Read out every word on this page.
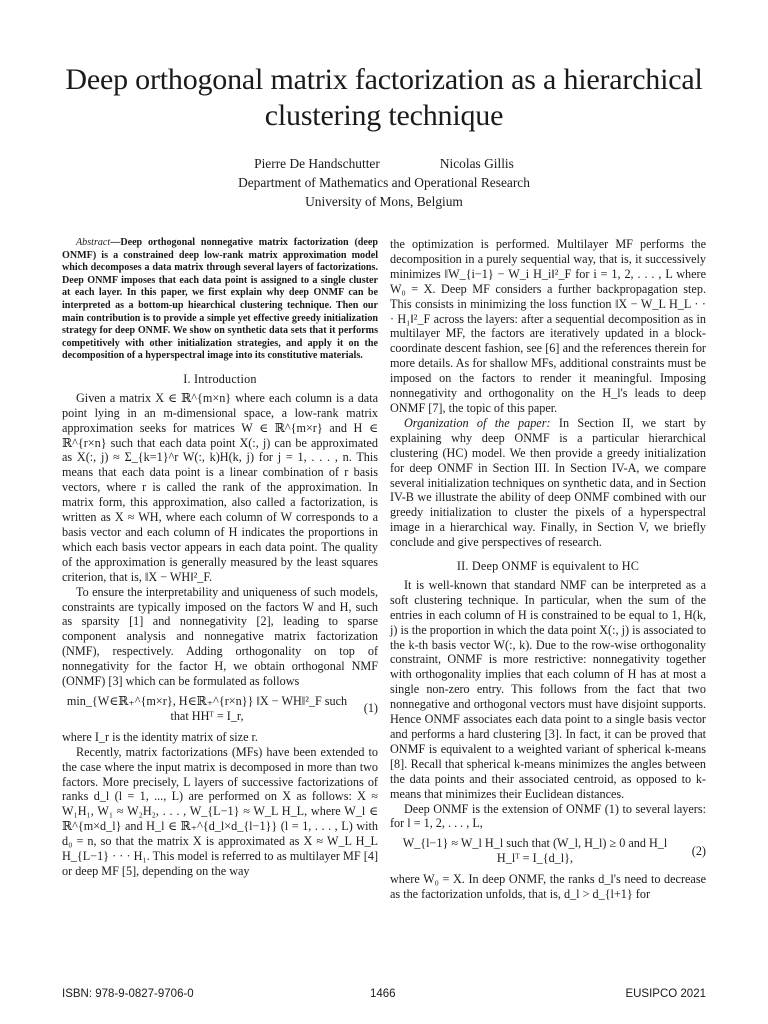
Deep orthogonal matrix factorization as a hierarchical clustering technique
Pierre De Handschutter	Nicolas Gillis
Department of Mathematics and Operational Research
University of Mons, Belgium

Abstract—Deep orthogonal nonnegative matrix factorization (deep ONMF) is a constrained deep low-rank matrix approximation model which decomposes a data matrix through several layers of factorizations. Deep ONMF imposes that each data point is assigned to a single cluster at each layer. In this paper, we first explain why deep ONMF can be interpreted as a bottom-up hiearchical clustering technique. Then our main contribution is to provide a simple yet effective greedy initialization strategy for deep ONMF. We show on synthetic data sets that it performs competitively with other initialization strategies, and apply it on the decomposition of a hyperspectral image into its constitutive materials.

I. Introduction

Given a matrix X ∈ ℝ^{m×n} where each column is a data point lying in an m-dimensional space, a low-rank matrix approximation seeks for matrices W ∈ ℝ^{m×r} and H ∈ ℝ^{r×n} such that each data point X(:, j) can be approximated as X(:, j) ≈ Σ_{k=1}^r W(:, k)H(k, j) for j = 1, . . . , n. This means that each data point is a linear combination of r basis vectors, where r is called the rank of the approximation. In matrix form, this approximation, also called a factorization, is written as X ≈ WH, where each column of W corresponds to a basis vector and each column of H indicates the proportions in which each basis vector appears in each data point. The quality of the approximation is generally measured by the least squares criterion, that is, ‖X − WH‖²_F.

To ensure the interpretability and uniqueness of such models, constraints are typically imposed on the factors W and H, such as sparsity [1] and nonnegativity [2], leading to sparse component analysis and nonnegative matrix factorization (NMF), respectively. Adding orthogonality on top of nonnegativity for the factor H, we obtain orthogonal NMF (ONMF) [3] which can be formulated as follows

min_{W∈ℝ₊^{m×r}, H∈ℝ₊^{r×n}} ‖X − WH‖²_F such that HHᵀ = I_r,
(1)

where I_r is the identity matrix of size r.

Recently, matrix factorizations (MFs) have been extended to the case where the input matrix is decomposed in more than two factors. More precisely, L layers of successive factorizations of ranks d_l (l = 1, ..., L) are performed on X as follows: X ≈ W₁H₁, W₁ ≈ W₂H₂, . . . , W_{L−1} ≈ W_L H_L, where W_l ∈ ℝ^{m×d_l} and H_l ∈ ℝ₊^{d_l×d_{l−1}} (l = 1, . . . , L) with d₀ = n, so that the matrix X is approximated as X ≈ W_L H_L H_{L−1} · · · H₁. This model is referred to as multilayer MF [4] or deep MF [5], depending on the way

the optimization is performed. Multilayer MF performs the decomposition in a purely sequential way, that is, it successively minimizes ‖W_{i−1} − W_i H_i‖²_F for i = 1, 2, . . . , L where W₀ = X. Deep MF considers a further backpropagation step. This consists in minimizing the loss function ‖X − W_L H_L · · · H₁‖²_F across the layers: after a sequential decomposition as in multilayer MF, the factors are iteratively updated in a block-coordinate descent fashion, see [6] and the references therein for more details. As for shallow MFs, additional constraints must be imposed on the factors to render it meaningful. Imposing nonnegativity and orthogonality on the H_l's leads to deep ONMF [7], the topic of this paper.

Organization of the paper: In Section II, we start by explaining why deep ONMF is a particular hierarchical clustering (HC) model. We then provide a greedy initialization for deep ONMF in Section III. In Section IV-A, we compare several initialization techniques on synthetic data, and in Section IV-B we illustrate the ability of deep ONMF combined with our greedy initialization to cluster the pixels of a hyperspectral image in a hierarchical way. Finally, in Section V, we briefly conclude and give perspectives of research.

II. Deep ONMF is equivalent to HC

It is well-known that standard NMF can be interpreted as a soft clustering technique. In particular, when the sum of the entries in each column of H is constrained to be equal to 1, H(k, j) is the proportion in which the data point X(:, j) is associated to the k-th basis vector W(:, k). Due to the row-wise orthogonality constraint, ONMF is more restrictive: nonnegativity together with orthogonality implies that each column of H has at most a single non-zero entry. This follows from the fact that two nonnegative and orthogonal vectors must have disjoint supports. Hence ONMF associates each data point to a single basis vector and performs a hard clustering [3]. In fact, it can be proved that ONMF is equivalent to a weighted variant of spherical k-means [8]. Recall that spherical k-means minimizes the angles between the data points and their associated centroid, as opposed to k-means that minimizes their Euclidean distances.

Deep ONMF is the extension of ONMF (1) to several layers: for l = 1, 2, . . . , L,

W_{l−1} ≈ W_l H_l such that (W_l, H_l) ≥ 0 and H_l H_lᵀ = I_{d_l},
(2)

where W₀ = X. In deep ONMF, the ranks d_l's need to decrease as the factorization unfolds, that is, d_l > d_{l+1} for

ISBN: 978-9-0827-9706-0	1466	EUSIPCO 2021
